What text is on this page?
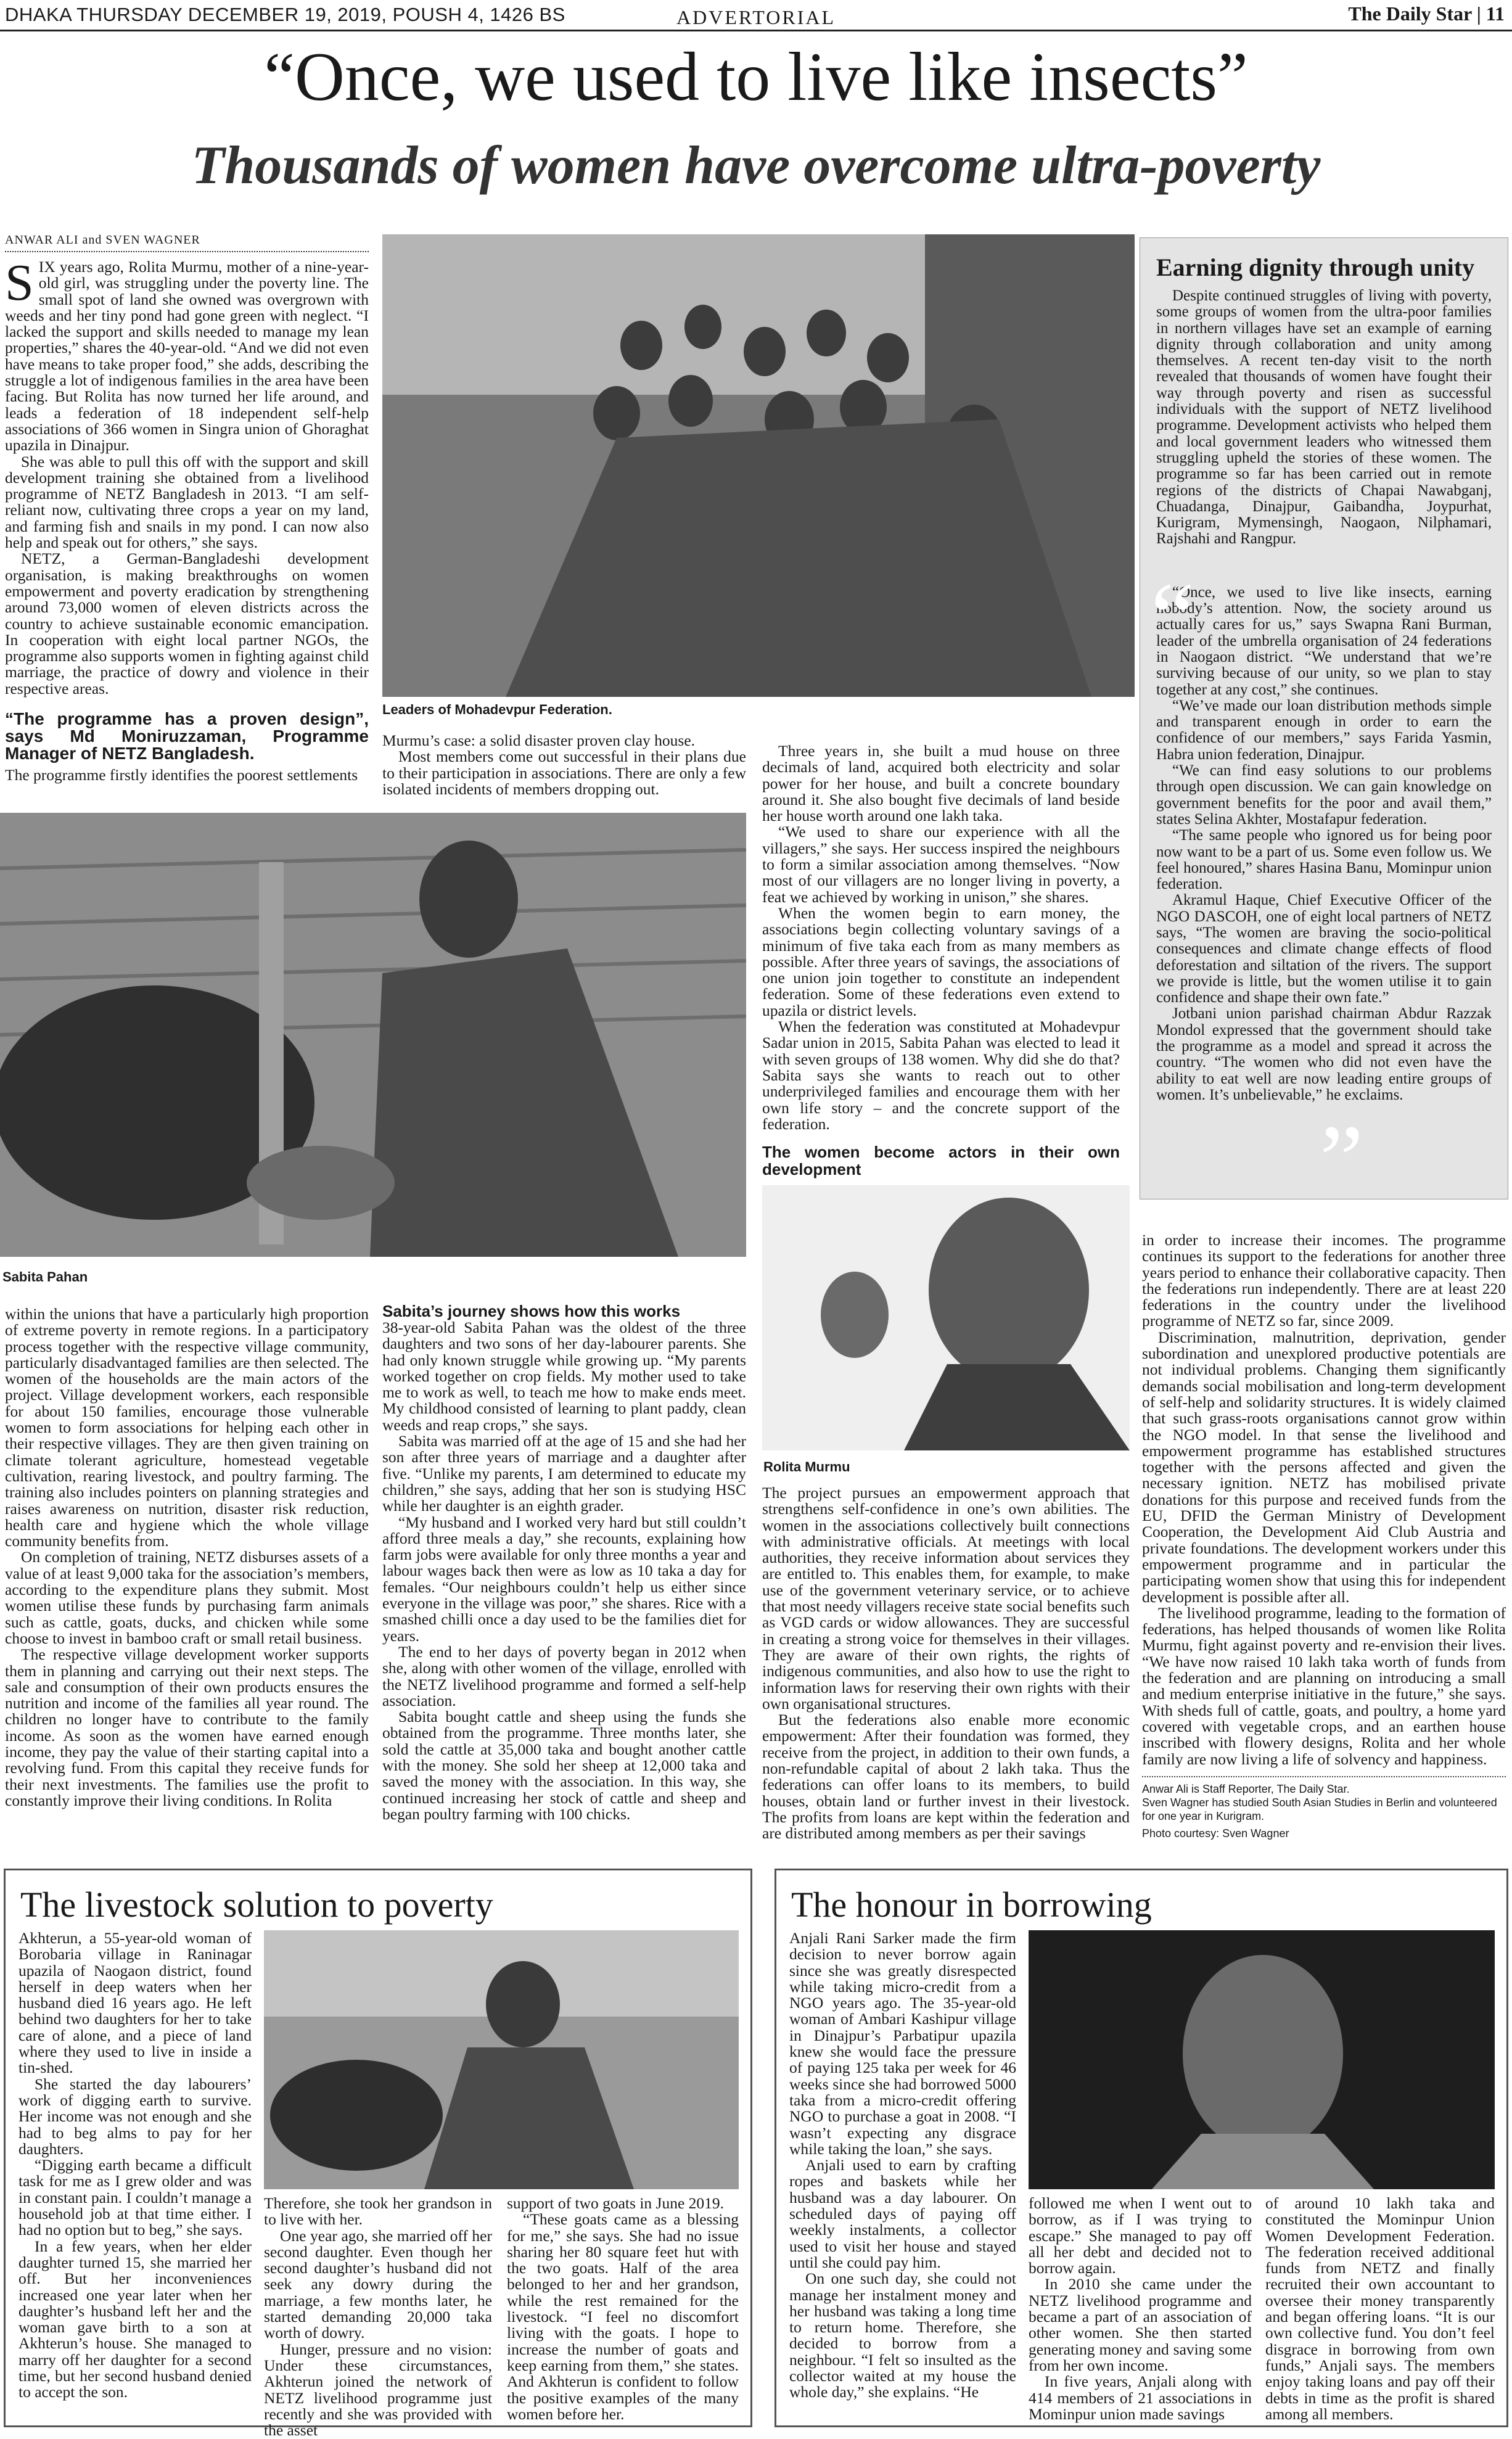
DHAKA THURSDAY DECEMBER 19, 2019, POUSH 4, 1426 BS	ADVERTORIAL	The Daily Star | 11
“Once, we used to live like insects”
Thousands of women have overcome ultra-poverty
ANWAR ALI and SVEN WAGNER
S IX years ago, Rolita Murmu, mother of a nine-year-old girl, was struggling under the poverty line. The small spot of land she owned was overgrown with weeds and her tiny pond had gone green with neglect. “I lacked the support and skills needed to manage my lean properties,” shares the 40-year-old. “And we did not even have means to take proper food,” she adds, describing the struggle a lot of indigenous families in the area have been facing. But Rolita has now turned her life around, and leads a federation of 18 independent self-help associations of 366 women in Singra union of Ghoraghat upazila in Dinajpur.

She was able to pull this off with the support and skill development training she obtained from a livelihood programme of NETZ Bangladesh in 2013. “I am self-reliant now, cultivating three crops a year on my land, and farming fish and snails in my pond. I can now also help and speak out for others,” she says.

NETZ, a German-Bangladeshi development organisation, is making breakthroughs on women empowerment and poverty eradication by strengthening around 73,000 women of eleven districts across the country to achieve sustainable economic emancipation. In cooperation with eight local partner NGOs, the programme also supports women in fighting against child marriage, the practice of dowry and violence in their respective areas.

“The programme has a proven design”, says Md Moniruzzaman, Programme Manager of NETZ Bangladesh.

The programme firstly identifies the poorest settlements

Leaders of Mohadevpur Federation.

Murmu’s case: a solid disaster proven clay house.

Most members come out successful in their plans due to their participation in associations. There are only a few isolated incidents of members dropping out.

Three years in, she built a mud house on three decimals of land, acquired both electricity and solar power for her house, and built a concrete boundary around it. She also bought five decimals of land beside her house worth around one lakh taka.

“We used to share our experience with all the villagers,” she says. Her success inspired the neighbours to form a similar association among themselves. “Now most of our villagers are no longer living in poverty, a feat we achieved by working in unison,” she shares.

When the women begin to earn money, the associations begin collecting voluntary savings of a minimum of five taka each from as many members as possible. After three years of savings, the associations of one union join together to constitute an independent federation. Some of these federations even extend to upazila or district levels.

When the federation was constituted at Mohadevpur Sadar union in 2015, Sabita Pahan was elected to lead it with seven groups of 138 women. Why did she do that? Sabita says she wants to reach out to other underprivileged families and encourage them with her own life story – and the concrete support of the federation.

The women become actors in their own development
Earning dignity through unity

Despite continued struggles of living with poverty, some groups of women from the ultra-poor families in northern villages have set an example of earning dignity through collaboration and unity among themselves. A recent ten-day visit to the north revealed that thousands of women have fought their way through poverty and risen as successful individuals with the support of NETZ livelihood programme. Development activists who helped them and local government leaders who witnessed them struggling upheld the stories of these women. The programme so far has been carried out in remote regions of the districts of Chapai Nawabganj, Chuadanga, Dinajpur, Gaibandha, Joypurhat, Kurigram, Mymensingh, Naogaon, Nilphamari, Rajshahi and Rangpur.

“Once, we used to live like insects, earning nobody’s attention. Now, the society around us actually cares for us,” says Swapna Rani Burman, leader of the umbrella organisation of 24 federations in Naogaon district. “We understand that we’re surviving because of our unity, so we plan to stay together at any cost,” she continues.

“We’ve made our loan distribution methods simple and transparent enough in order to earn the confidence of our members,” says Farida Yasmin, Habra union federation, Dinajpur.

“We can find easy solutions to our problems through open discussion. We can gain knowledge on government benefits for the poor and avail them,” states Selina Akhter, Mostafapur federation.

“The same people who ignored us for being poor now want to be a part of us. Some even follow us. We feel honoured,” shares Hasina Banu, Mominpur union federation.

Akramul Haque, Chief Executive Officer of the NGO DASCOH, one of eight local partners of NETZ says, “The women are braving the socio-political consequences and climate change effects of flood deforestation and siltation of the rivers. The support we provide is little, but the women utilise it to gain confidence and shape their own fate.”

Jotbani union parishad chairman Abdur Razzak Mondol expressed that the government should take the programme as a model and spread it across the country. “The women who did not even have the ability to eat well are now leading entire groups of women. It’s unbelievable,” he exclaims.

“
”
Sabita Pahan
Rolita Murmu

within the unions that have a particularly high proportion of extreme poverty in remote regions. In a participatory process together with the respective village community, particularly disadvantaged families are then selected. The women of the households are the main actors of the project. Village development workers, each responsible for about 150 families, encourage those vulnerable women to form associations for helping each other in their respective villages. They are then given training on climate tolerant agriculture, homestead vegetable cultivation, rearing livestock, and poultry farming. The training also includes pointers on planning strategies and raises awareness on nutrition, disaster risk reduction, health care and hygiene which the whole village community benefits from.

On completion of training, NETZ disburses assets of a value of at least 9,000 taka for the association’s members, according to the expenditure plans they submit. Most women utilise these funds by purchasing farm animals such as cattle, goats, ducks, and chicken while some choose to invest in bamboo craft or small retail business.

The respective village development worker supports them in planning and carrying out their next steps. The sale and consumption of their own products ensures the nutrition and income of the families all year round. The children no longer have to contribute to the family income. As soon as the women have earned enough income, they pay the value of their starting capital into a revolving fund. From this capital they receive funds for their next investments. The families use the profit to constantly improve their living conditions. In Rolita

Sabita’s journey shows how this works

38-year-old Sabita Pahan was the oldest of the three daughters and two sons of her day-labourer parents. She had only known struggle while growing up. “My parents worked together on crop fields. My mother used to take me to work as well, to teach me how to make ends meet. My childhood consisted of learning to plant paddy, clean weeds and reap crops,” she says.

Sabita was married off at the age of 15 and she had her son after three years of marriage and a daughter after five. “Unlike my parents, I am determined to educate my children,” she says, adding that her son is studying HSC while her daughter is an eighth grader.

“My husband and I worked very hard but still couldn’t afford three meals a day,” she recounts, explaining how farm jobs were available for only three months a year and labour wages back then were as low as 10 taka a day for females. “Our neighbours couldn’t help us either since everyone in the village was poor,” she shares. Rice with a smashed chilli once a day used to be the families diet for years.

The end to her days of poverty began in 2012 when she, along with other women of the village, enrolled with the NETZ livelihood programme and formed a self-help association.

Sabita bought cattle and sheep using the funds she obtained from the programme. Three months later, she sold the cattle at 35,000 taka and bought another cattle with the money. She sold her sheep at 12,000 taka and saved the money with the association. In this way, she continued increasing her stock of cattle and sheep and began poultry farming with 100 chicks.

The project pursues an empowerment approach that strengthens self-confidence in one’s own abilities. The women in the associations collectively built connections with administrative officials. At meetings with local authorities, they receive information about services they are entitled to. This enables them, for example, to make use of the government veterinary service, or to achieve that most needy villagers receive state social benefits such as VGD cards or widow allowances. They are successful in creating a strong voice for themselves in their villages. They are aware of their own rights, the rights of indigenous communities, and also how to use the right to information laws for reserving their own rights with their own organisational structures.

But the federations also enable more economic empowerment: After their foundation was formed, they receive from the project, in addition to their own funds, a non-refundable capital of about 2 lakh taka. Thus the federations can offer loans to its members, to build houses, obtain land or further invest in their livestock. The profits from loans are kept within the federation and are distributed among members as per their savings

in order to increase their incomes. The programme continues its support to the federations for another three years period to enhance their collaborative capacity. Then the federations run independently. There are at least 220 federations in the country under the livelihood programme of NETZ so far, since 2009.

Discrimination, malnutrition, deprivation, gender subordination and unexplored productive potentials are not individual problems. Changing them significantly demands social mobilisation and long-term development of self-help and solidarity structures. It is widely claimed that such grass-roots organisations cannot grow within the NGO model. In that sense the livelihood and empowerment programme has established structures together with the persons affected and given the necessary ignition. NETZ has mobilised private donations for this purpose and received funds from the EU, DFID the German Ministry of Development Cooperation, the Development Aid Club Austria and private foundations. The development workers under this empowerment programme and in particular the participating women show that using this for independent development is possible after all.

The livelihood programme, leading to the formation of federations, has helped thousands of women like Rolita Murmu, fight against poverty and re-envision their lives. “We have now raised 10 lakh taka worth of funds from the federation and are planning on introducing a small and medium enterprise initiative in the future,” she says. With sheds full of cattle, goats, and poultry, a home yard covered with vegetable crops, and an earthen house inscribed with flowery designs, Rolita and her whole family are now living a life of solvency and happiness.

Anwar Ali is Staff Reporter, The Daily Star.
Sven Wagner has studied South Asian Studies in Berlin and volunteered for one year in Kurigram.
Photo courtesy: Sven Wagner
The livestock solution to poverty

Akhterun, a 55-year-old woman of Borobaria village in Raninagar upazila of Naogaon district, found herself in deep waters when her husband died 16 years ago. He left behind two daughters for her to take care of alone, and a piece of land where they used to live in inside a tin-shed.

She started the day labourers’ work of digging earth to survive. Her income was not enough and she had to beg alms to pay for her daughters.

“Digging earth became a difficult task for me as I grew older and was in constant pain. I couldn’t manage a household job at that time either. I had no option but to beg,” she says.

In a few years, when her elder daughter turned 15, she married her off. But her inconveniences increased one year later when her daughter’s husband left her and the woman gave birth to a son at Akhterun’s house. She managed to marry off her daughter for a second time, but her second husband denied to accept the son.

Therefore, she took her grandson in to live with her.

One year ago, she married off her second daughter. Even though her second daughter’s husband did not seek any dowry during the marriage, a few months later, he started demanding 20,000 taka worth of dowry.

Hunger, pressure and no vision: Under these circumstances, Akhterun joined the network of NETZ livelihood programme just recently and she was provided with the asset

support of two goats in June 2019.

“These goats came as a blessing for me,” she says. She had no issue sharing her 80 square feet hut with the two goats. Half of the area belonged to her and her grandson, while the rest remained for the livestock. “I feel no discomfort living with the goats. I hope to increase the number of goats and keep earning from them,” she states. And Akhterun is confident to follow the positive examples of the many women before her.

The honour in borrowing

Anjali Rani Sarker made the firm decision to never borrow again since she was greatly disrespected while taking micro-credit from a NGO years ago. The 35-year-old woman of Ambari Kashipur village in Dinajpur’s Parbatipur upazila knew she would face the pressure of paying 125 taka per week for 46 weeks since she had borrowed 5000 taka from a micro-credit offering NGO to purchase a goat in 2008. “I wasn’t expecting any disgrace while taking the loan,” she says.

Anjali used to earn by crafting ropes and baskets while her husband was a day labourer. On scheduled days of paying off weekly instalments, a collector used to visit her house and stayed until she could pay him.

On one such day, she could not manage her instalment money and her husband was taking a long time to return home. Therefore, she decided to borrow from a neighbour. “I felt so insulted as the collector waited at my house the whole day,” she explains. “He

followed me when I went out to borrow, as if I was trying to escape.” She managed to pay off all her debt and decided not to borrow again.

In 2010 she came under the NETZ livelihood programme and became a part of an association of other women. She then started generating money and saving some from her own income.

In five years, Anjali along with 414 members of 21 associations in Mominpur union made savings

of around 10 lakh taka and constituted the Mominpur Union Women Development Federation. The federation received additional funds from NETZ and finally recruited their own accountant to oversee their money transparently and began offering loans. “It is our own collective fund. You don’t feel disgrace in borrowing from own funds,” Anjali says. The members enjoy taking loans and pay off their debts in time as the profit is shared among all members.
